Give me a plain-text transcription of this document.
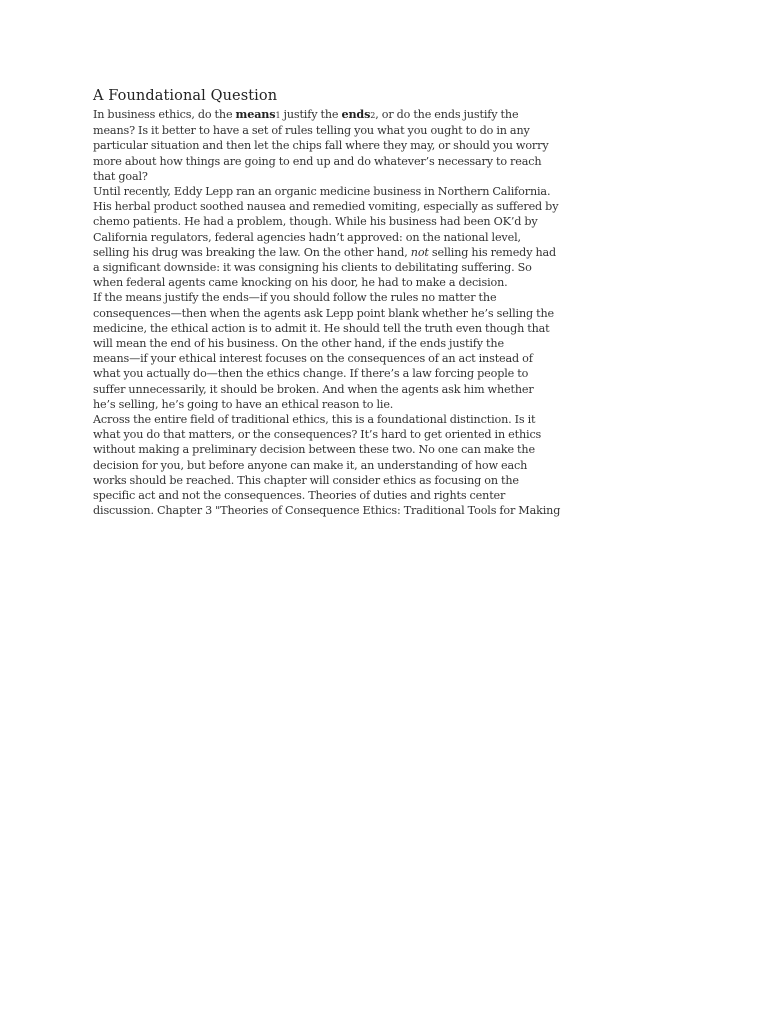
A Foundational Question

In business ethics, do the means1 justify the ends2, or do the ends justify the
means? Is it better to have a set of rules telling you what you ought to do in any
particular situation and then let the chips fall where they may, or should you worry
more about how things are going to end up and do whatever’s necessary to reach
that goal?

Until recently, Eddy Lepp ran an organic medicine business in Northern California.
His herbal product soothed nausea and remedied vomiting, especially as suffered by
chemo patients. He had a problem, though. While his business had been OK’d by
California regulators, federal agencies hadn’t approved: on the national level,
selling his drug was breaking the law. On the other hand, not selling his remedy had
a significant downside: it was consigning his clients to debilitating suffering. So
when federal agents came knocking on his door, he had to make a decision.

If the means justify the ends—if you should follow the rules no matter the
consequences—then when the agents ask Lepp point blank whether he’s selling the
medicine, the ethical action is to admit it. He should tell the truth even though that
will mean the end of his business. On the other hand, if the ends justify the
means—if your ethical interest focuses on the consequences of an act instead of
what you actually do—then the ethics change. If there’s a law forcing people to
suffer unnecessarily, it should be broken. And when the agents ask him whether
he’s selling, he’s going to have an ethical reason to lie.

Across the entire field of traditional ethics, this is a foundational distinction. Is it
what you do that matters, or the consequences? It’s hard to get oriented in ethics
without making a preliminary decision between these two. No one can make the
decision for you, but before anyone can make it, an understanding of how each
works should be reached. This chapter will consider ethics as focusing on the
specific act and not the consequences. Theories of duties and rights center
discussion. Chapter 3 "Theories of Consequence Ethics: Traditional Tools for Making
